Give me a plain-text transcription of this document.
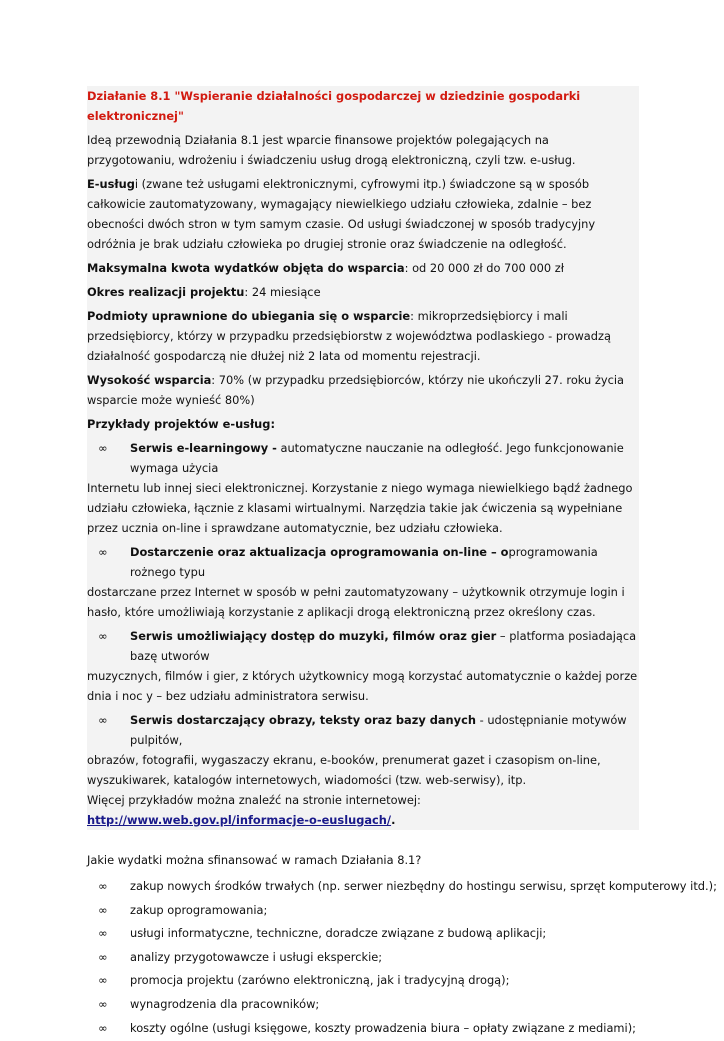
Działanie 8.1 "Wspieranie działalności gospodarczej w dziedzinie gospodarki elektronicznej"

Ideą przewodnią Działania 8.1 jest wparcie finansowe projektów polegających na przygotowaniu, wdrożeniu i świadczeniu usług drogą elektroniczną, czyli tzw. e-usług.

E-usługi (zwane też usługami elektronicznymi, cyfrowymi itp.) świadczone są w sposób całkowicie zautomatyzowany, wymagający niewielkiego udziału człowieka, zdalnie – bez obecności dwóch stron w tym samym czasie. Od usługi świadczonej w sposób tradycyjny odróżnia je brak udziału człowieka po drugiej stronie oraz świadczenie na odległość.

Maksymalna kwota wydatków objęta do wsparcia: od 20 000 zł do 700 000 zł

Okres realizacji projektu: 24 miesiące

Podmioty uprawnione do ubiegania się o wsparcie: mikroprzedsiębiorcy i mali przedsiębiorcy, którzy w przypadku przedsiębiorstw z województwa podlaskiego - prowadzą działalność gospodarczą nie dłużej niż 2 lata od momentu rejestracji.

Wysokość wsparcia: 70% (w przypadku przedsiębiorców, którzy nie ukończyli 27. roku życia wsparcie może wynieść 80%)

Przykłady projektów e-usług:

∞ Serwis e-learningowy - automatyczne nauczanie na odległość. Jego funkcjonowanie wymaga użycia
Internetu lub innej sieci elektronicznej. Korzystanie z niego wymaga niewielkiego bądź żadnego udziału człowieka, łącznie z klasami wirtualnymi. Narzędzia takie jak ćwiczenia są wypełniane przez ucznia on-line i sprawdzane automatycznie, bez udziału człowieka.
∞ Dostarczenie oraz aktualizacja oprogramowania on-line – oprogramowania rożnego typu
dostarczane przez Internet w sposób w pełni zautomatyzowany – użytkownik otrzymuje login i hasło, które umożliwiają korzystanie z aplikacji drogą elektroniczną przez określony czas.
∞ Serwis umożliwiający dostęp do muzyki, filmów oraz gier – platforma posiadająca bazę utworów
muzycznych, filmów i gier, z których użytkownicy mogą korzystać automatycznie o każdej porze dnia i noc y – bez udziału administratora serwisu.
∞ Serwis dostarczający obrazy, teksty oraz bazy danych - udostępnianie motywów pulpitów,
obrazów, fotografii, wygaszaczy ekranu, e-booków, prenumerat gazet i czasopism on-line, wyszukiwarek, katalogów internetowych, wiadomości (tzw. web-serwisy), itp.

Więcej przykładów można znaleźć na stronie internetowej: http://www.web.gov.pl/informacje-o-euslugach/.

Jakie wydatki można sfinansować w ramach Działania 8.1?

∞ zakup nowych środków trwałych (np. serwer niezbędny do hostingu serwisu, sprzęt komputerowy itd.);
∞ zakup oprogramowania;
∞ usługi informatyczne, techniczne, doradcze związane z budową aplikacji;
∞ analizy przygotowawcze i usługi eksperckie;
∞ promocja projektu (zarówno elektroniczną, jak i tradycyjną drogą);
∞ wynagrodzenia dla pracowników;
∞ koszty ogólne (usługi księgowe, koszty prowadzenia biura – opłaty związane z mediami);
